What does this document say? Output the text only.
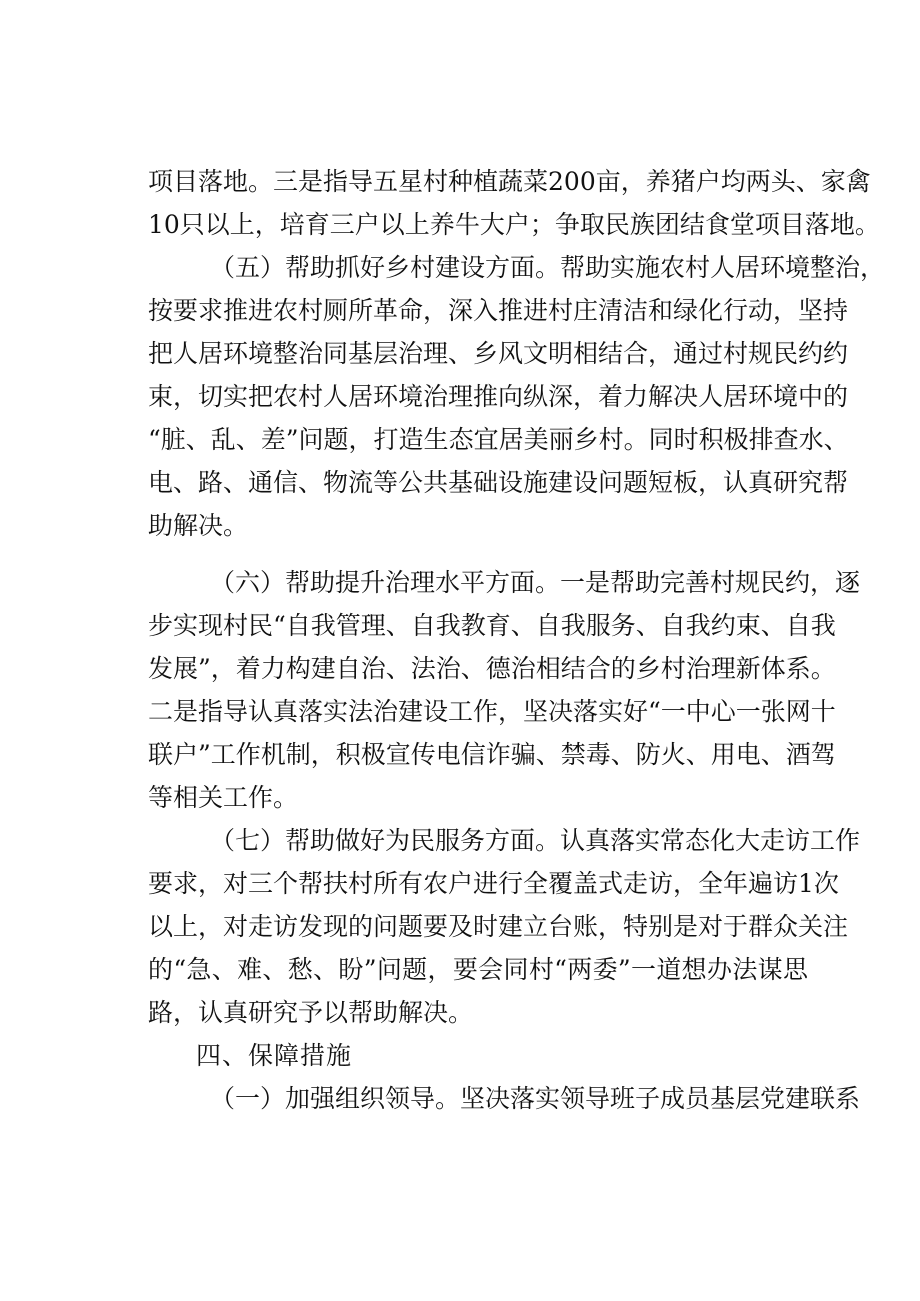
项目落地。三是指导五星村种植蔬菜200亩，养猪户均两头、家禽
10只以上，培育三户以上养牛大户；争取民族团结食堂项目落地。
（五）帮助抓好乡村建设方面。帮助实施农村人居环境整治，
按要求推进农村厕所革命，深入推进村庄清洁和绿化行动，坚持
把人居环境整治同基层治理、乡风文明相结合，通过村规民约约
束，切实把农村人居环境治理推向纵深，着力解决人居环境中的
“脏、乱、差”问题，打造生态宜居美丽乡村。同时积极排查水、
电、路、通信、物流等公共基础设施建设问题短板，认真研究帮
助解决。
（六）帮助提升治理水平方面。一是帮助完善村规民约，逐
步实现村民“自我管理、自我教育、自我服务、自我约束、自我
发展”，着力构建自治、法治、德治相结合的乡村治理新体系。
二是指导认真落实法治建设工作，坚决落实好“一中心一张网十
联户”工作机制，积极宣传电信诈骗、禁毒、防火、用电、酒驾
等相关工作。
（七）帮助做好为民服务方面。认真落实常态化大走访工作
要求，对三个帮扶村所有农户进行全覆盖式走访，全年遍访1次
以上，对走访发现的问题要及时建立台账，特别是对于群众关注
的“急、难、愁、盼”问题，要会同村“两委”一道想办法谋思
路，认真研究予以帮助解决。
四、保障措施
（一）加强组织领导。坚决落实领导班子成员基层党建联系
